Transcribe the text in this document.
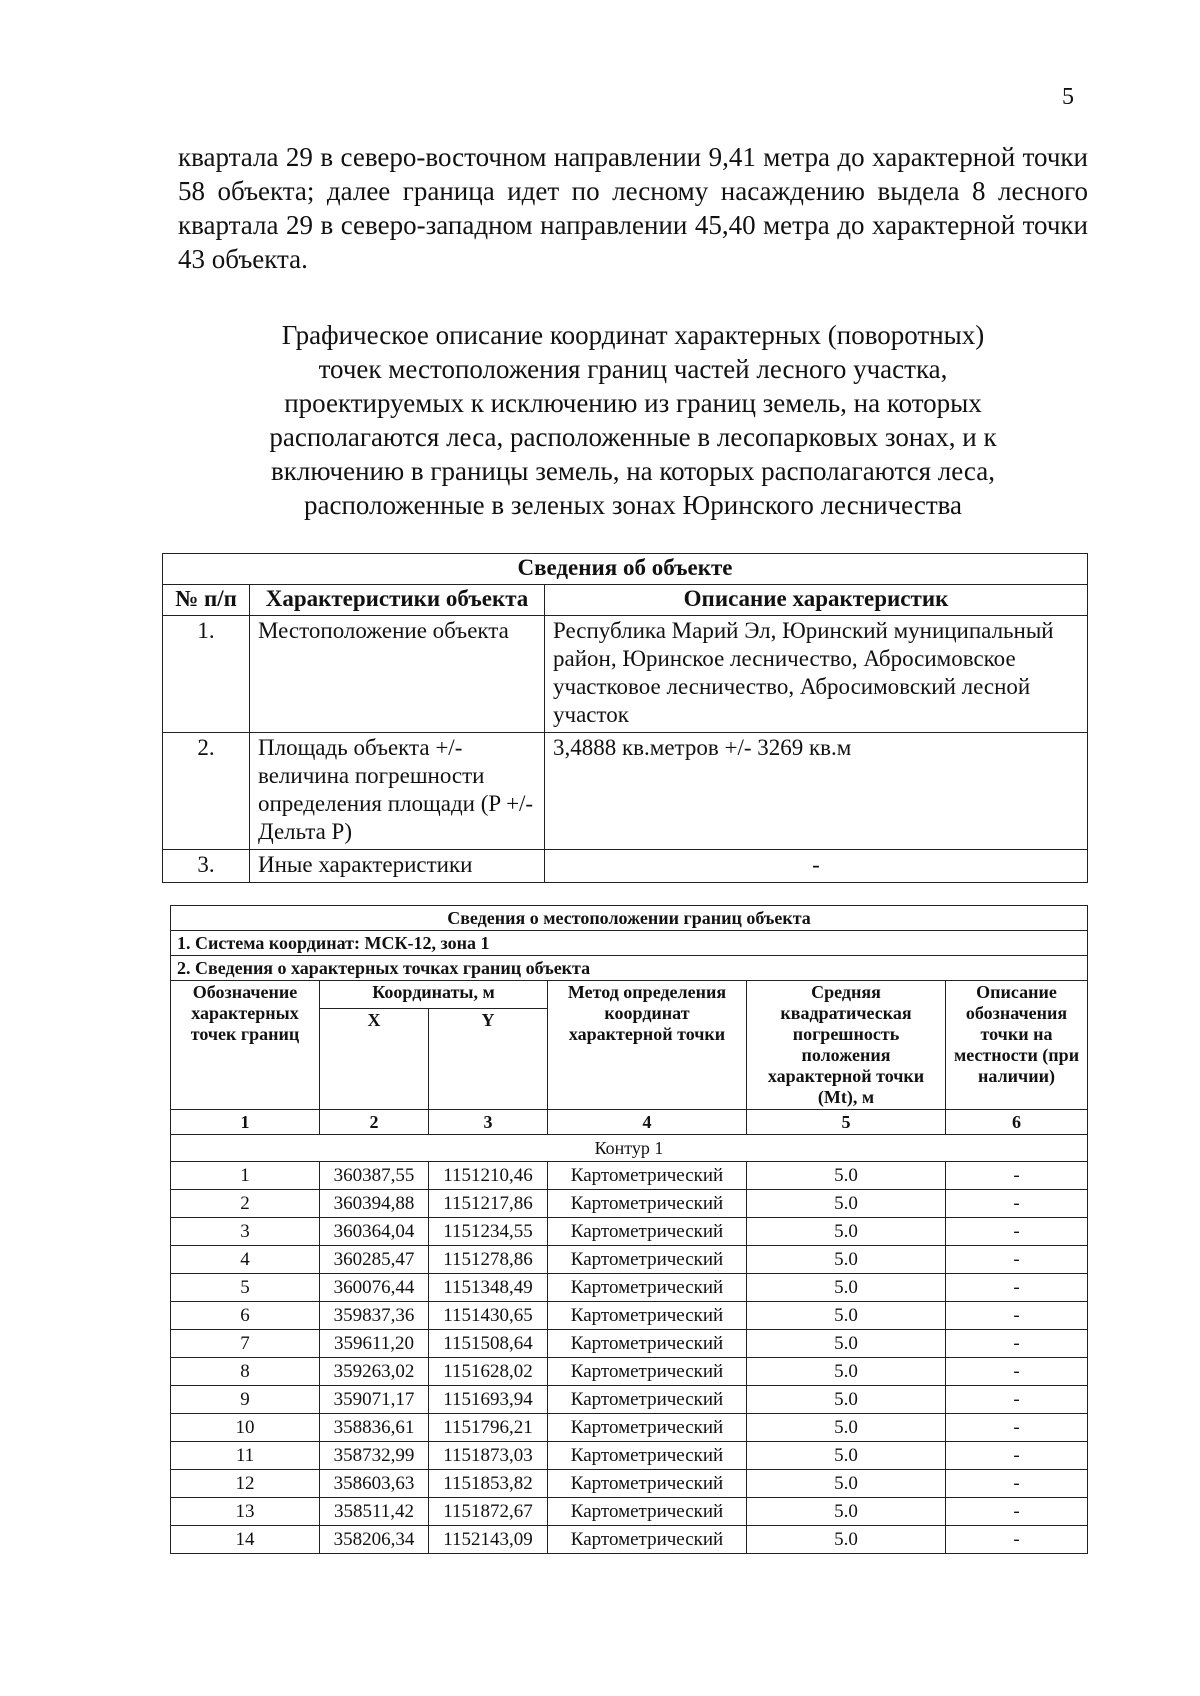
5

квартала 29 в северо-восточном направлении 9,41 метра до характерной точки 58 объекта; далее граница идет по лесному насаждению выдела 8 лесного квартала 29 в северо-западном направлении 45,40 метра до характерной точки 43 объекта.

Графическое описание координат характерных (поворотных)
точек местоположения границ частей лесного участка,
проектируемых к исключению из границ земель, на которых
располагаются леса, расположенные в лесопарковых зонах, и к
включению в границы земель, на которых располагаются леса,
расположенные в зеленых зонах Юринского лесничества
Сведения об объекте		
№ п/п	Характеристики объекта	Описание характеристик
1.	Местоположение объекта	Республика Марий Эл, Юринский муниципальный район, Юринское лесничество, Абросимовское участковое лесничество, Абросимовский лесной участок
2.	Площадь объекта +/- величина погрешности определения площади (P +/-Дельта P)	3,4888 кв.метров +/- 3269 кв.м
3.	Иные характеристики	-
Сведения о местоположении границ объекта					
1. Система координат: МСК-12, зона 1					
2. Сведения о характерных точках границ объекта					
Обозначение характерных точек границ	Координаты, м		Метод определения координат характерной точки	Средняя квадратическая погрешность положения характерной точки (Mt), м	Описание обозначения точки на местности (при наличии)
	X	Y			
1	2	3	4	5	6
Контур 1					
1	360387,55	1151210,46	Картометрический	5.0	-
2	360394,88	1151217,86	Картометрический	5.0	-
3	360364,04	1151234,55	Картометрический	5.0	-
4	360285,47	1151278,86	Картометрический	5.0	-
5	360076,44	1151348,49	Картометрический	5.0	-
6	359837,36	1151430,65	Картометрический	5.0	-
7	359611,20	1151508,64	Картометрический	5.0	-
8	359263,02	1151628,02	Картометрический	5.0	-
9	359071,17	1151693,94	Картометрический	5.0	-
10	358836,61	1151796,21	Картометрический	5.0	-
11	358732,99	1151873,03	Картометрический	5.0	-
12	358603,63	1151853,82	Картометрический	5.0	-
13	358511,42	1151872,67	Картометрический	5.0	-
14	358206,34	1152143,09	Картометрический	5.0	-
